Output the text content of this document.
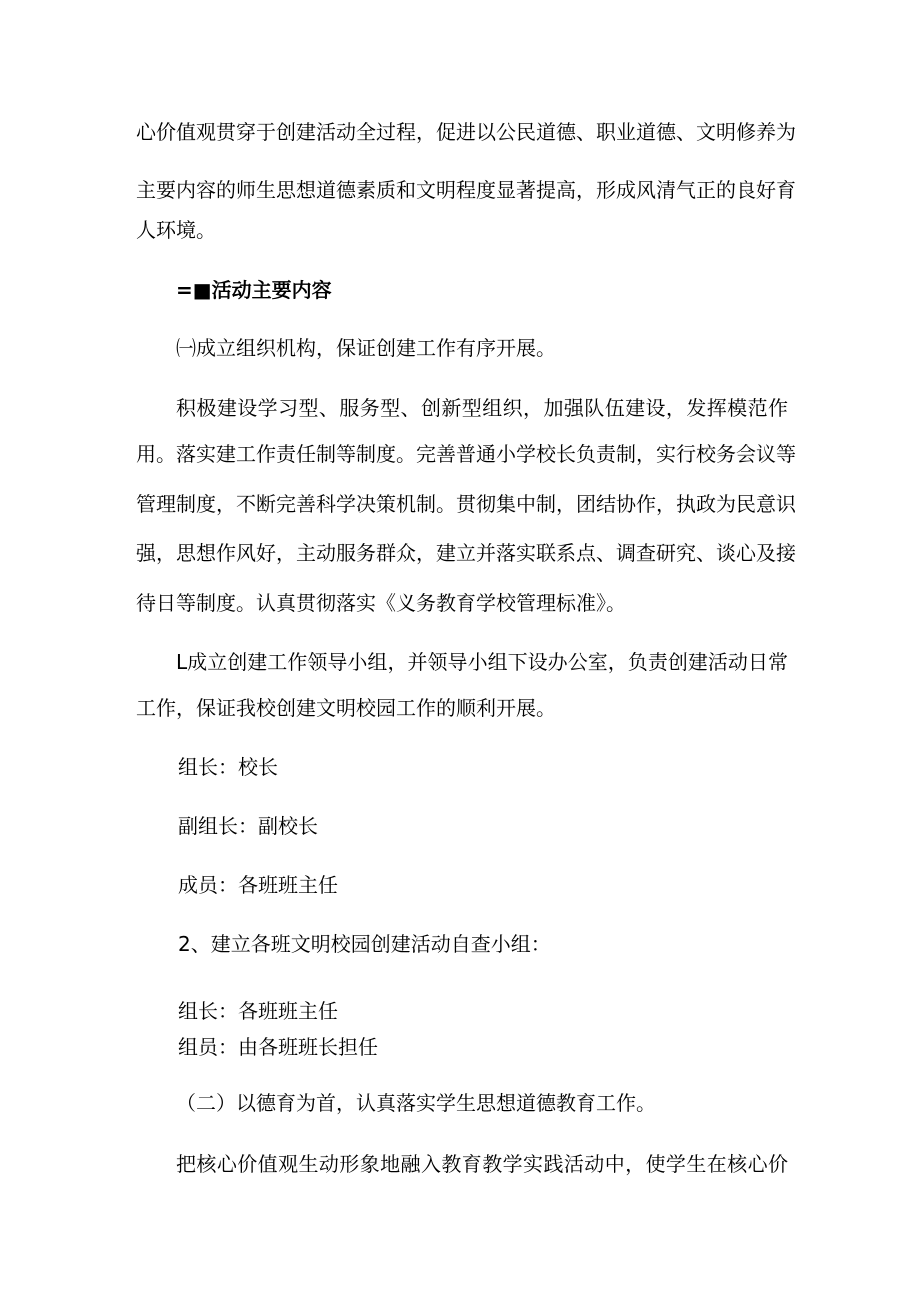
心价值观贯穿于创建活动全过程，促进以公民道德、职业道德、文明修养为
主要内容的师生思想道德素质和文明程度显著提高，形成风清气正的良好育
人环境。
=■活动主要内容
㈠成立组织机构，保证创建工作有序开展。
积极建设学习型、服务型、创新型组织，加强队伍建设，发挥模范作
用。落实建工作责任制等制度。完善普通小学校长负责制，实行校务会议等
管理制度，不断完善科学决策机制。贯彻集中制，团结协作，执政为民意识
强，思想作风好，主动服务群众，建立并落实联系点、调查研究、谈心及接
待日等制度。认真贯彻落实《义务教育学校管理标准》。
L成立创建工作领导小组，并领导小组下设办公室，负责创建活动日常
工作，保证我校创建文明校园工作的顺利开展。
组长：校长
副组长：副校长
成员：各班班主任
2、建立各班文明校园创建活动自查小组：
组长：各班班主任
组员：由各班班长担任
（二）以德育为首，认真落实学生思想道德教育工作。
把核心价值观生动形象地融入教育教学实践活动中，使学生在核心价
